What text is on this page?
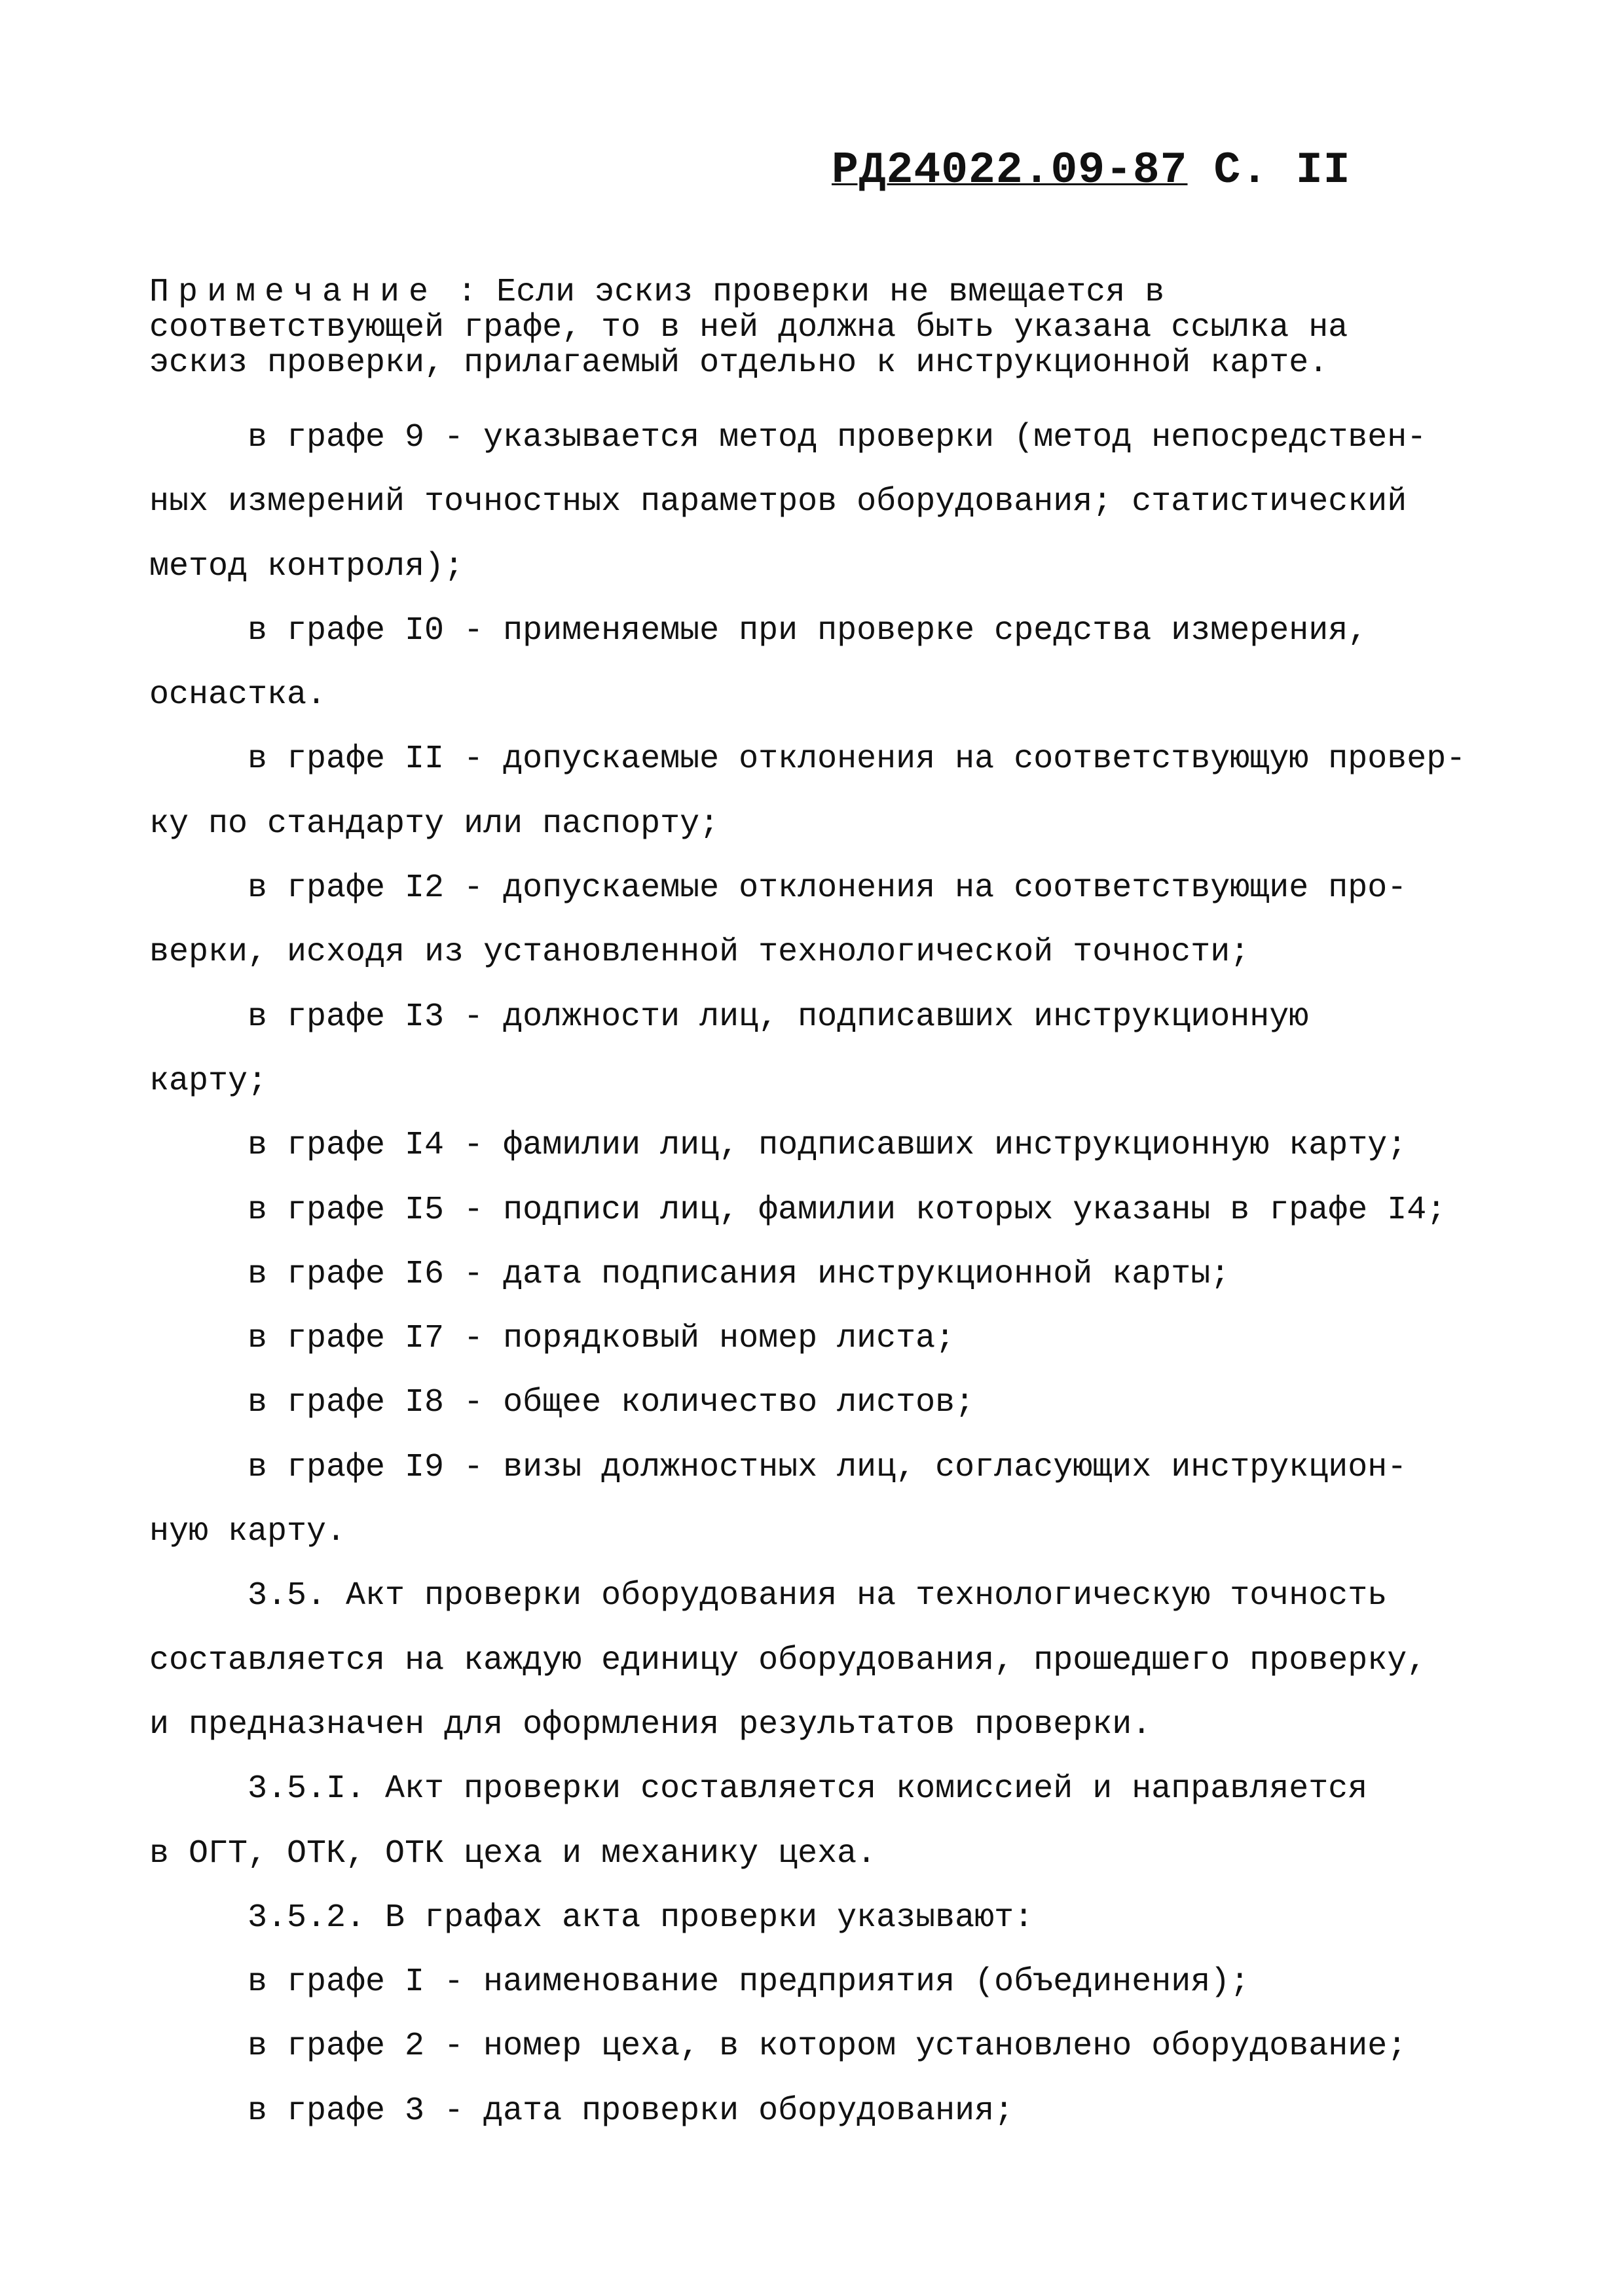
РД24022.09-87 С. II
Примечание : Если эскиз проверки не вмещается в
соответствующей графе, то в ней должна быть указана ссылка на
эскиз проверки, прилагаемый отдельно к инструкционной карте.
в графе 9 - указывается метод проверки (метод непосредствен-
ных измерений точностных параметров оборудования; статистический
метод контроля);
в графе I0 - применяемые при проверке средства измерения,
оснастка.
в графе II - допускаемые отклонения на соответствующую провер-
ку по стандарту или паспорту;
в графе I2 - допускаемые отклонения на соответствующие про-
верки, исходя из установленной технологической точности;
в графе I3 - должности лиц, подписавших инструкционную
карту;
в графе I4 - фамилии лиц, подписавших инструкционную карту;
в графе I5 - подписи лиц, фамилии которых указаны в графе I4;
в графе I6 - дата подписания инструкционной карты;
в графе I7 - порядковый номер листа;
в графе I8 - общее количество листов;
в графе I9 - визы должностных лиц, согласующих инструкцион-
ную карту.
3.5. Акт проверки оборудования на технологическую точность
составляется на каждую единицу оборудования, прошедшего проверку,
и предназначен для оформления результатов проверки.
3.5.I. Акт проверки составляется комиссией и направляется
в ОГТ, ОТК, ОТК цеха и механику цеха.
3.5.2. В графах акта проверки указывают:
в графе I - наименование предприятия (объединения);
в графе 2 - номер цеха, в котором установлено оборудование;
в графе 3 - дата проверки оборудования;
